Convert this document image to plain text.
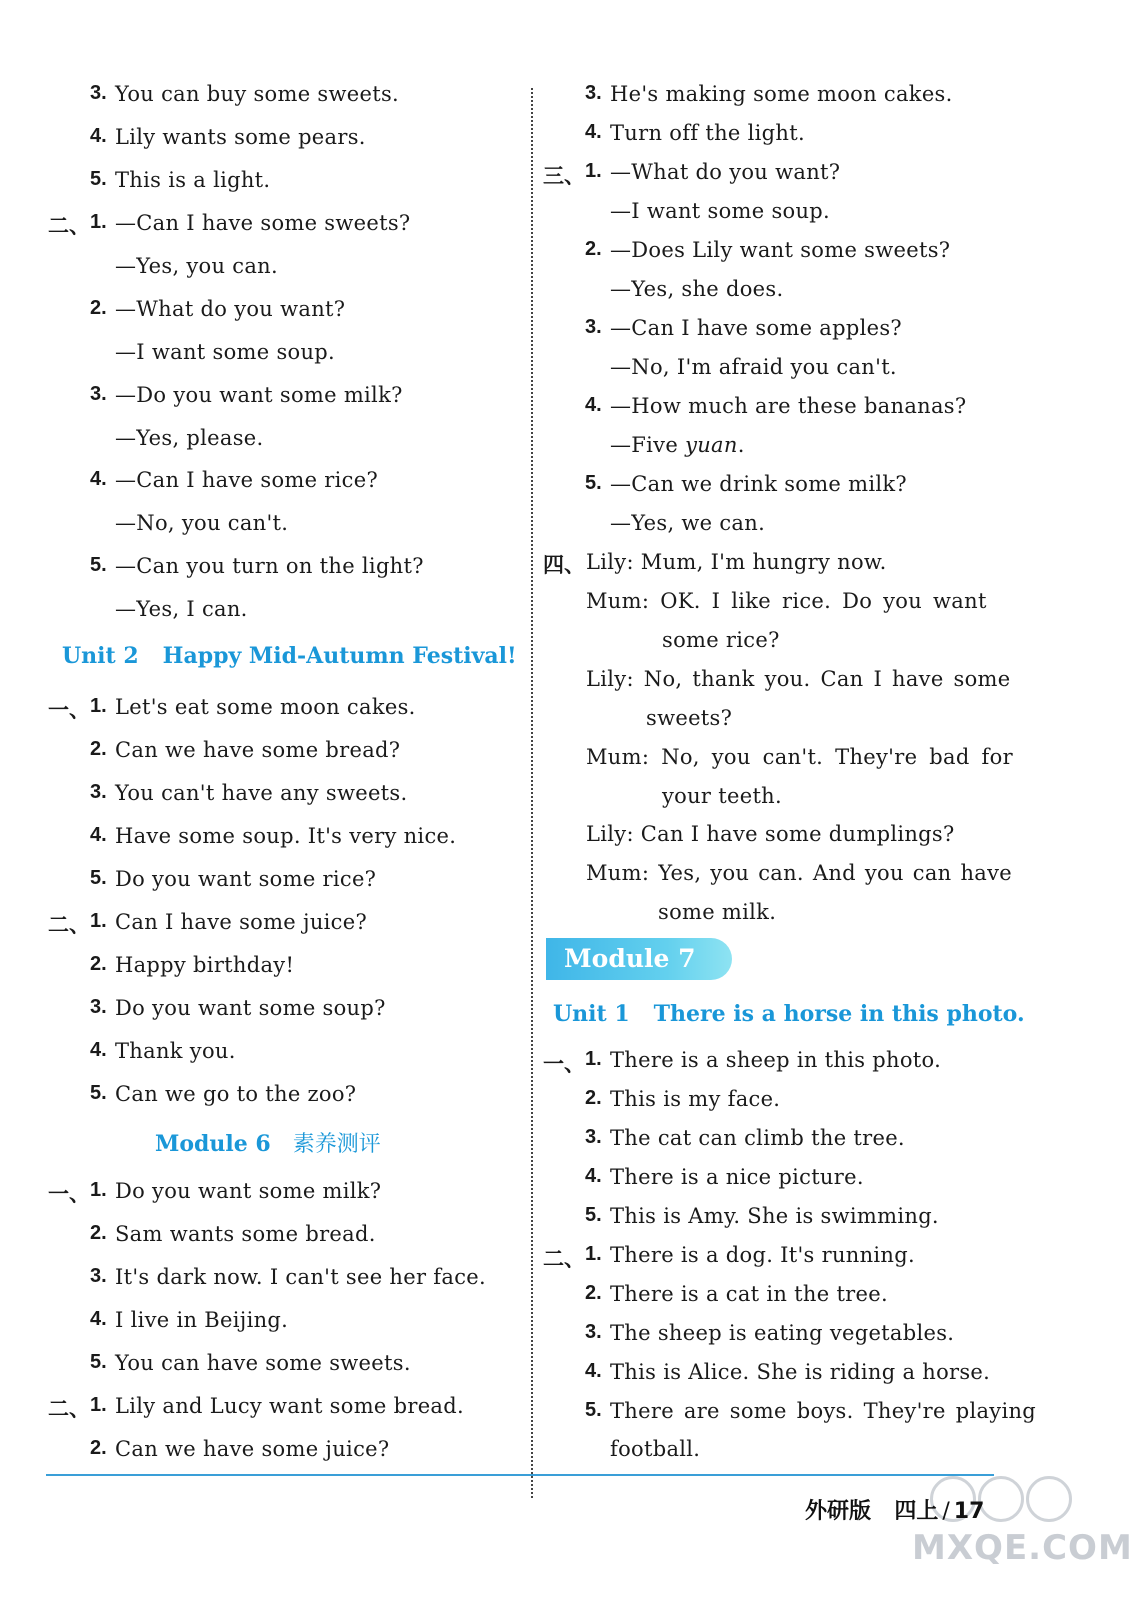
3. You can buy some sweets.
4. Lily wants some pears.
5. This is a light.
二、 1. —Can I have some sweets?
—Yes, you can.
2. —What do you want?
—I want some soup.
3. —Do you want some milk?
—Yes, please.
4. —Can I have some rice?
—No, you can't.
5. —Can you turn on the light?
—Yes, I can.
Unit 2 Happy Mid-Autumn Festival!
一、 1. Let's eat some moon cakes.
2. Can we have some bread?
3. You can't have any sweets.
4. Have some soup. It's very nice.
5. Do you want some rice?
二、 1. Can I have some juice?
2. Happy birthday!
3. Do you want some soup?
4. Thank you.
5. Can we go to the zoo?
Module 6 素养测评
一、 1. Do you want some milk?
2. Sam wants some bread.
3. It's dark now. I can't see her face.
4. I live in Beijing.
5. You can have some sweets.
二、 1. Lily and Lucy want some bread.
2. Can we have some juice?
3. He's making some moon cakes.
4. Turn off the light.
三、 1. —What do you want?
—I want some soup.
2. —Does Lily want some sweets?
—Yes, she does.
3. —Can I have some apples?
—No, I'm afraid you can't.
4. —How much are these bananas?
—Five yuan.
5. —Can we drink some milk?
—Yes, we can.
四、 Lily: Mum, I'm hungry now.
Mum: OK. I like rice. Do you want
some rice?
Lily: No, thank you. Can I have some
sweets?
Mum: No, you can't. They're bad for
your teeth.
Lily: Can I have some dumplings?
Mum: Yes, you can. And you can have
some milk.
Module 7
Unit 1 There is a horse in this photo.
一、 1. There is a sheep in this photo.
2. This is my face.
3. The cat can climb the tree.
4. There is a nice picture.
5. This is Amy. She is swimming.
二、 1. There is a dog. It's running.
2. There is a cat in the tree.
3. The sheep is eating vegetables.
4. This is Alice. She is riding a horse.
5. There are some boys. They're playing
football.
外研版 四上 / 17
MXQE.COM
